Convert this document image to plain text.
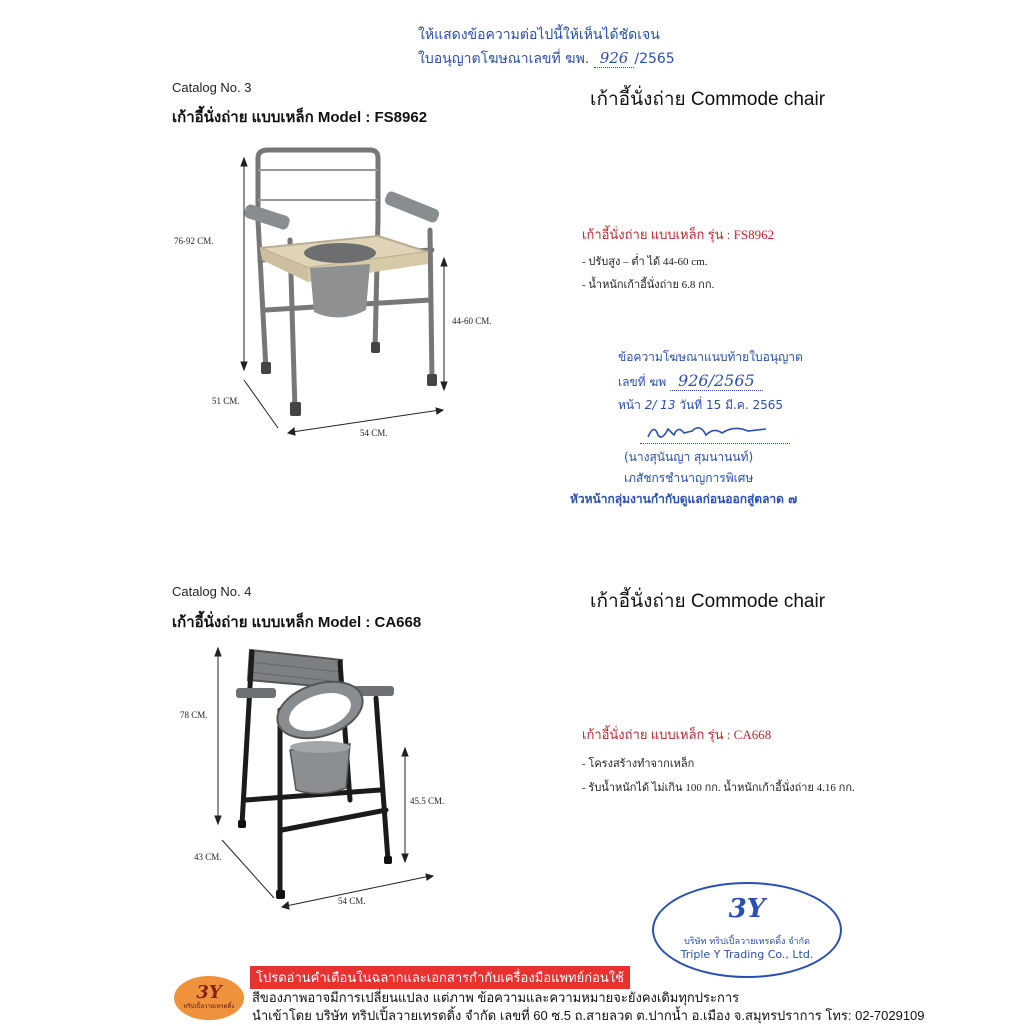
ให้แสดงข้อความต่อไปนี้ให้เห็นได้ชัดเจน
ใบอนุญาตโฆษณาเลขที่ ฆพ. 926 /2565
Catalog No. 3
เก้าอี้นั่งถ่าย แบบเหล็ก Model : FS8962
เก้าอี้นั่งถ่าย Commode chair
76-92 CM.
44-60 CM.
51 CM.
54 CM.
เก้าอี้นั่งถ่าย แบบเหล็ก รุ่น : FS8962
- ปรับสูง – ต่ำ ได้ 44-60 cm.
- น้ำหนักเก้าอี้นั่งถ่าย 6.8 กก.
ข้อความโฆษณาแนบท้ายใบอนุญาต
เลขที่ ฆพ 926/2565
หน้า 2/ 13 วันที่ 15 มี.ค. 2565
(นางสุนันญา สุมนานนท์)
เภสัชกรชำนาญการพิเศษ
หัวหน้ากลุ่มงานกำกับดูแลก่อนออกสู่ตลาด ๗
Catalog No. 4
เก้าอี้นั่งถ่าย แบบเหล็ก Model : CA668
เก้าอี้นั่งถ่าย Commode chair
78 CM.
45.5 CM.
43 CM.
54 CM.
เก้าอี้นั่งถ่าย แบบเหล็ก รุ่น : CA668
- โครงสร้างทำจากเหล็ก
- รับน้ำหนักได้ ไม่เกิน 100 กก. น้ำหนักเก้าอี้นั่งถ่าย 4.16 กก.
3Y
บริษัท ทริปเปิ้ลวายเทรดดิ้ง จำกัด
Triple Y Trading Co., Ltd.
3Y
ทริปเปิ้ลวายเทรดดิ้ง
โปรดอ่านคำเตือนในฉลากและเอกสารกำกับเครื่องมือแพทย์ก่อนใช้
สีของภาพอาจมีการเปลี่ยนแปลง แต่ภาพ ข้อความและความหมายจะยังคงเดิมทุกประการ
นำเข้าโดย บริษัท ทริปเปิ้ลวายเทรดดิ้ง จำกัด เลขที่ 60 ซ.5 ถ.สายลวด ต.ปากน้ำ อ.เมือง จ.สมุทรปราการ โทร: 02-7029109
